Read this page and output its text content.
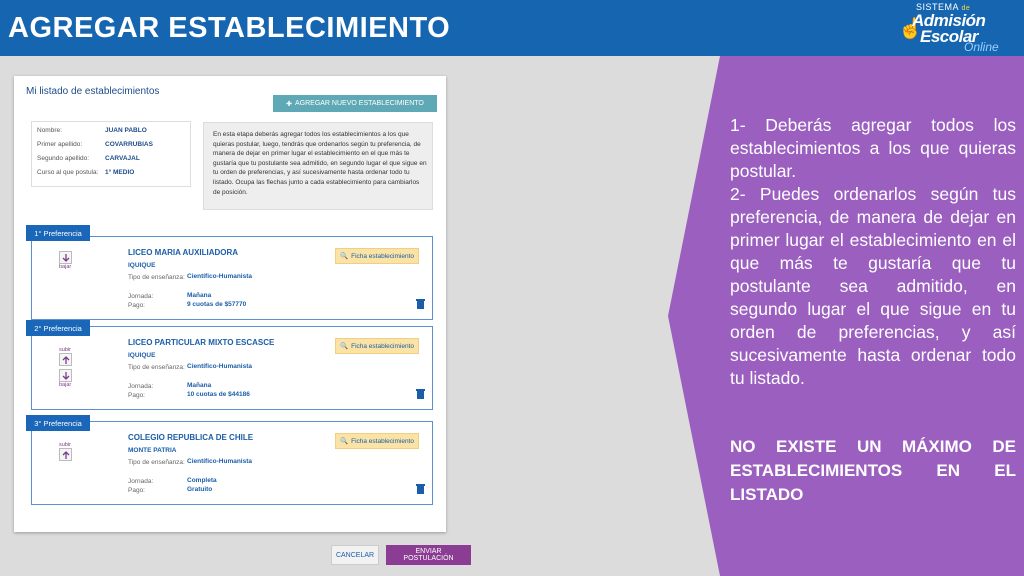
AGREGAR ESTABLECIMIENTO	☝
SISTEMA de
Admisión
Escolar
Online

1- Deberás agregar todos los establecimientos a los que quieras postular.

2- Puedes ordenarlos según tus preferencia, de manera de dejar en primer lugar el establecimiento en el que más te gustaría que tu postulante sea admitido, en segundo lugar el que sigue en tu orden de preferencias, y así sucesivamente hasta ordenar todo tu listado.

NO EXISTE UN MÁXIMO DE ESTABLECIMIENTOS EN EL LISTADO
Mi listado de establecimientos
✚ AGREGAR NUEVO ESTABLECIMIENTO
Nombre:	JUAN PABLO
Primer apellido:	COVARRUBIAS
Segundo apellido:	CARVAJAL
Curso al que postula:	1° MEDIO
En esta etapa deberás agregar todos los establecimientos a los que quieras postular, luego, tendrás que ordenarlos según tu preferencia, de manera de dejar en primer lugar el establecimiento en el que más te gustaría que tu postulante sea admitido, en segundo lugar el que sigue en tu orden de preferencias, y así sucesivamente hasta ordenar todo tu listado. Ocupa las flechas junto a cada establecimiento para cambiarlos de posición.
bajar
LICEO MARIA AUXILIADORA
IQUIQUE
Tipo de enseñanza: Científico-Humanista
Jornada:	Mañana
Pago:	9 cuotas de $57770
🔍 Ficha establecimiento
1° Preferencia
subir
bajar
LICEO PARTICULAR MIXTO ESCASCE
IQUIQUE
Tipo de enseñanza: Científico-Humanista
Jornada:	Mañana
Pago:	10 cuotas de $44186
🔍 Ficha establecimiento
2° Preferencia
subir
COLEGIO REPUBLICA DE CHILE
MONTE PATRIA
Tipo de enseñanza: Científico-Humanista
Jornada:	Completa
Pago:	Gratuito
🔍 Ficha establecimiento
3° Preferencia
CANCELAR	ENVIAR POSTULACIÓN
